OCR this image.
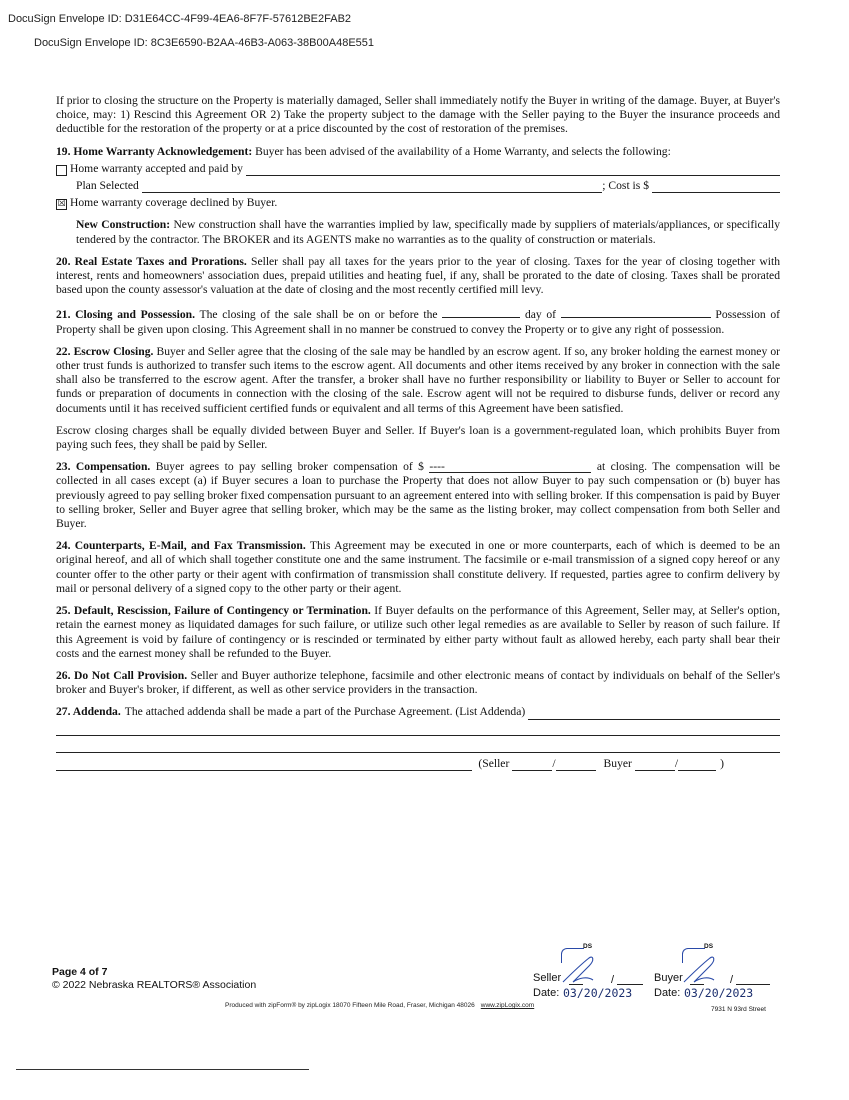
DocuSign Envelope ID: D31E64CC-4F99-4EA6-8F7F-57612BE2FAB2
DocuSign Envelope ID: 8C3E6590-B2AA-46B3-A063-38B00A48E551

If prior to closing the structure on the Property is materially damaged, Seller shall immediately notify the Buyer in writing of the damage. Buyer, at Buyer's choice, may: 1) Rescind this Agreement OR 2) Take the property subject to the damage with the Seller paying to the Buyer the insurance proceeds and deductible for the restoration of the property or at a price discounted by the cost of restoration of the premises.

19. Home Warranty Acknowledgement: Buyer has been advised of the availability of a Home Warranty, and selects the following:

Home warranty accepted and paid by
Plan Selected	; Cost is $
☒ Home warranty coverage declined by Buyer.

New Construction: New construction shall have the warranties implied by law, specifically made by suppliers of materials/appliances, or specifically tendered by the contractor. The BROKER and its AGENTS make no warranties as to the quality of construction or materials.

20. Real Estate Taxes and Prorations. Seller shall pay all taxes for the years prior to the year of closing. Taxes for the year of closing together with interest, rents and homeowners' association dues, prepaid utilities and heating fuel, if any, shall be prorated to the date of closing. Taxes shall be prorated based upon the county assessor's valuation at the date of closing and the most recently certified mill levy.

21. Closing and Possession. The closing of the sale shall be on or before the	day of	Possession of Property shall be given upon closing. This Agreement shall in no manner be construed to convey the Property or to give any right of possession.

22. Escrow Closing. Buyer and Seller agree that the closing of the sale may be handled by an escrow agent. If so, any broker holding the earnest money or other trust funds is authorized to transfer such items to the escrow agent. All documents and other items received by any broker in connection with the sale shall also be transferred to the escrow agent. After the transfer, a broker shall have no further responsibility or liability to Buyer or Seller to account for funds or preparation of documents in connection with the closing of the sale. Escrow agent will not be required to disburse funds, deliver or record any documents until it has received sufficient certified funds or equivalent and all terms of this Agreement have been satisfied.

Escrow closing charges shall be equally divided between Buyer and Seller. If Buyer's loan is a government-regulated loan, which prohibits Buyer from paying such fees, they shall be paid by Seller.

23. Compensation. Buyer agrees to pay selling broker compensation of $ ----	at closing. The compensation will be collected in all cases except (a) if Buyer secures a loan to purchase the Property that does not allow Buyer to pay such compensation or (b) buyer has previously agreed to pay selling broker fixed compensation pursuant to an agreement entered into with selling broker. If this compensation is paid by Buyer to selling broker, Seller and Buyer agree that selling broker, which may be the same as the listing broker, may collect compensation from both Seller and Buyer.

24. Counterparts, E-Mail, and Fax Transmission. This Agreement may be executed in one or more counterparts, each of which is deemed to be an original hereof, and all of which shall together constitute one and the same instrument. The facsimile or e-mail transmission of a signed copy hereof or any counter offer to the other party or their agent with confirmation of transmission shall constitute delivery. If requested, parties agree to confirm delivery by mail or personal delivery of a signed copy to the other party or their agent.

25. Default, Rescission, Failure of Contingency or Termination. If Buyer defaults on the performance of this Agreement, Seller may, at Seller's option, retain the earnest money as liquidated damages for such failure, or utilize such other legal remedies as are available to Seller by reason of such failure. If this Agreement is void by failure of contingency or is rescinded or terminated by either party without fault as allowed hereby, each party shall bear their costs and the earnest money shall be refunded to the Buyer.

26. Do Not Call Provision. Seller and Buyer authorize telephone, facsimile and other electronic means of contact by individuals on behalf of the Seller's broker and Buyer's broker, if different, as well as other service providers in the transaction.

27. Addenda. The attached addenda shall be made a part of the Purchase Agreement. (List Addenda)
(Seller	/	Buyer	/	)
Page 4 of 7
© 2022 Nebraska REALTORS® Association
Produced with zipForm® by zipLogix 18070 Fifteen Mile Road, Fraser, Michigan 48026 www.zipLogix.com
7931 N 93rd Street
DS
Seller	/
Date: 03/20/2023
DS
Buyer	/
Date: 03/20/2023
